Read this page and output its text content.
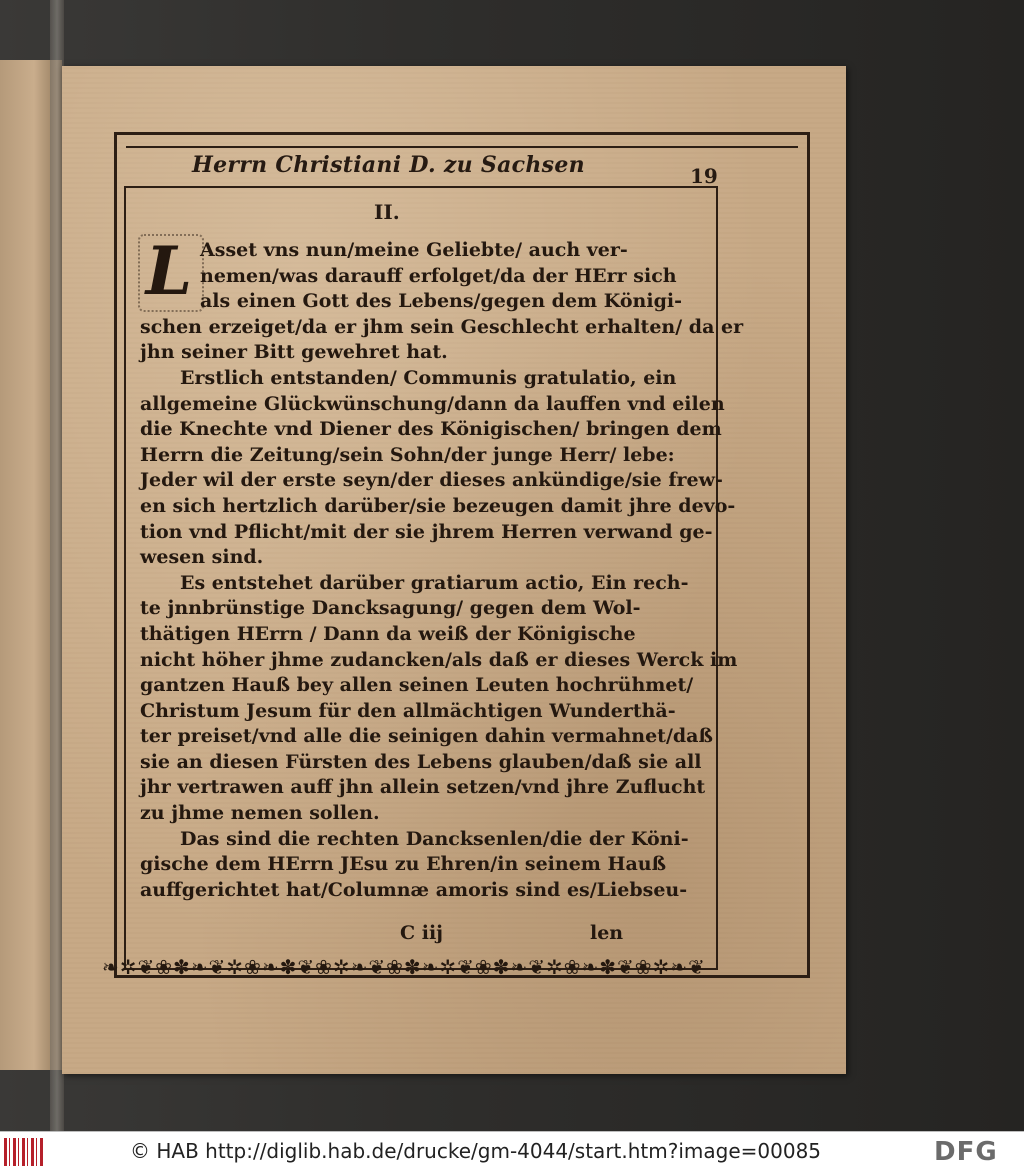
Herrn Christiani D. zu Sachsen	19
II.
L Asset vns nun/meine Geliebte/ auch ver-
nemen/was darauff erfolget/da der HErr sich
als einen Gott des Lebens/gegen dem Königi-
schen erzeiget/da er jhm sein Geschlecht erhalten/ da er
jhn seiner Bitt gewehret hat.
Erstlich entstanden/ Communis gratulatio, ein
allgemeine Glückwünschung/dann da lauffen vnd eilen
die Knechte vnd Diener des Königischen/ bringen dem
Herrn die Zeitung/sein Sohn/der junge Herr/ lebe:
Jeder wil der erste seyn/der dieses ankündige/sie frew-
en sich hertzlich darüber/sie bezeugen damit jhre devo-
tion vnd Pflicht/mit der sie jhrem Herren verwand ge-
wesen sind.
Es entstehet darüber gratiarum actio, Ein rech-
te jnnbrünstige Dancksagung/ gegen dem Wol-
thätigen HErrn / Dann da weiß der Königische
nicht höher jhme zudancken/als daß er dieses Werck im
gantzen Hauß bey allen seinen Leuten hochrühmet/
Christum Jesum für den allmächtigen Wunderthä-
ter preiset/vnd alle die seinigen dahin vermahnet/daß
sie an diesen Fürsten des Lebens glauben/daß sie all
jhr vertrawen auff jhn allein setzen/vnd jhre Zuflucht
zu jhme nemen sollen.
Das sind die rechten Dancksenlen/die der Köni-
gische dem HErrn JEsu zu Ehren/in seinem Hauß
auffgerichtet hat/Columnæ amoris sind es/Liebseu-
C iij	len
❧✲❦❀✽❧❦✲❀❧✽❦❀✲❧❦❀✽❧✲❦❀✽❧❦✲❀❧✽❦❀✲❧❦
© HAB http://diglib.hab.de/drucke/gm-4044/start.htm?image=00085	DFG
